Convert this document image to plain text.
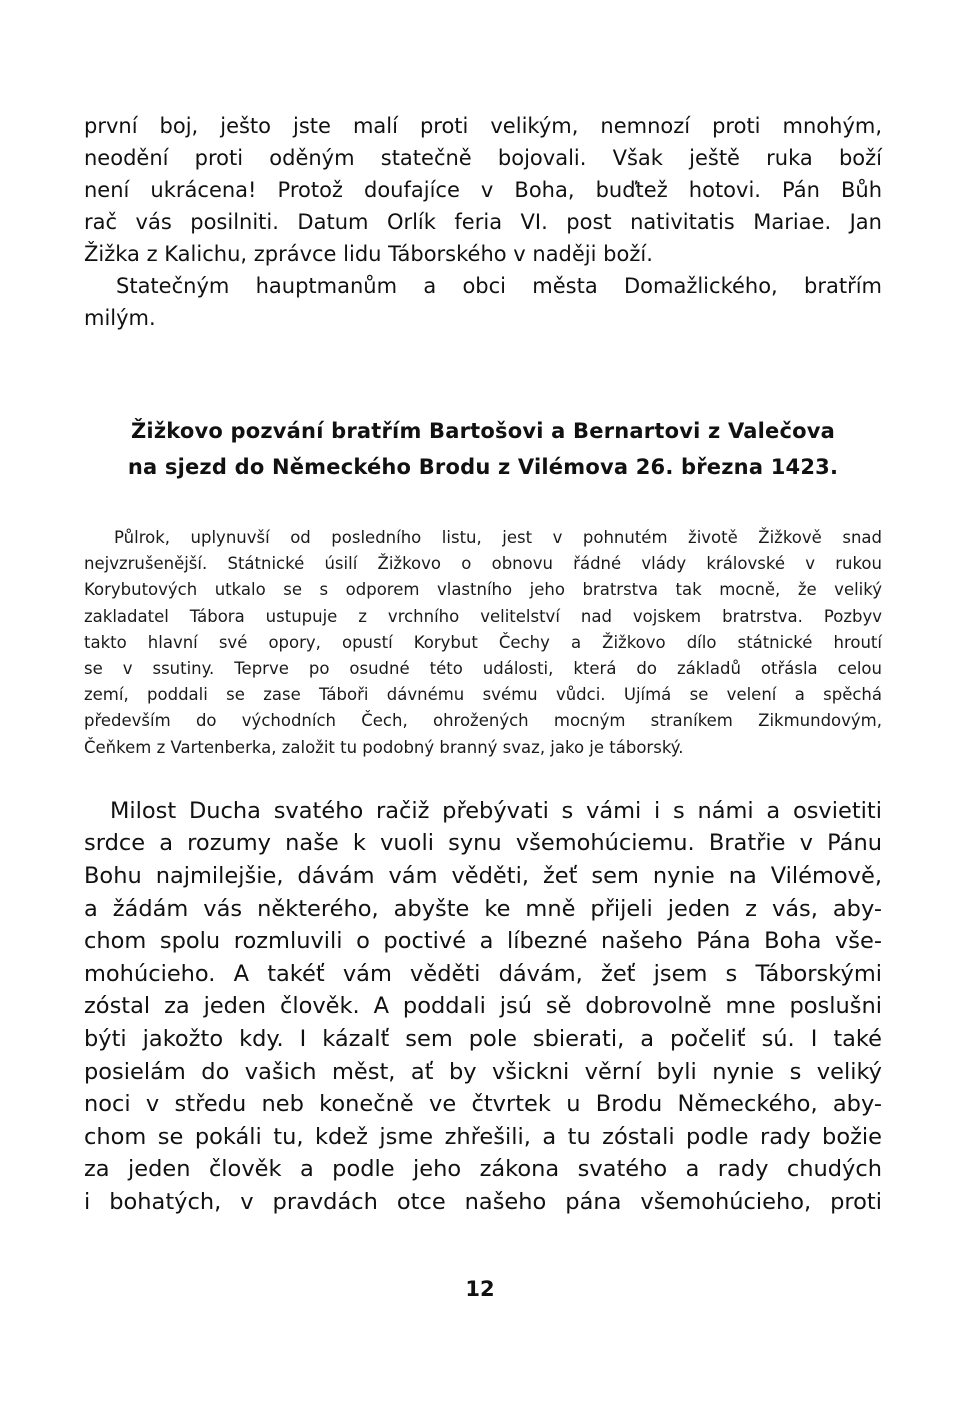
první boj, ješto jste malí proti velikým, nemnozí proti mnohým,
neodění proti oděným statečně bojovali. Však ještě ruka boží
není ukrácena! Protož doufajíce v Boha, buďtež hotovi. Pán Bůh
rač vás posilniti. Datum Orlík feria VI. post nativitatis Mariae. Jan
Žižka z Kalichu, zprávce lidu Táborského v naději boží.
Statečným hauptmanům a obci města Domažlického, bratřím
milým.
Žižkovo pozvání bratřím Bartošovi a Bernartovi z Valečova
na sjezd do Německého Brodu z Vilémova 26. března 1423.
Půlrok, uplynuvší od posledního listu, jest v pohnutém životě Žižkově snad
nejvzrušenější. Státnické úsilí Žižkovo o obnovu řádné vlády královské v rukou
Korybutových utkalo se s odporem vlastního jeho bratrstva tak mocně, že veliký
zakladatel Tábora ustupuje z vrchního velitelství nad vojskem bratrstva. Pozbyv
takto hlavní své opory, opustí Korybut Čechy a Žižkovo dílo státnické hroutí
se v ssutiny. Teprve po osudné této události, která do základů otřásla celou
zemí, poddali se zase Táboři dávnému svému vůdci. Ujímá se velení a spěchá
především do východních Čech, ohrožených mocným straníkem Zikmundovým,
Čeňkem z Vartenberka, založit tu podobný branný svaz, jako je táborský.
Milost Ducha svatého račiž přebývati s vámi i s námi a osvietiti
srdce a rozumy naše k vuoli synu všemohúciemu. Bratřie v Pánu
Bohu najmilejšie, dávám vám věděti, žeť sem nynie na Vilémově,
a žádám vás některého, abyšte ke mně přijeli jeden z vás, aby-
chom spolu rozmluvili o poctivé a líbezné našeho Pána Boha vše-
mohúcieho. A takéť vám věděti dávám, žeť jsem s Táborskými
zóstal za jeden člověk. A poddali jsú sě dobrovolně mne poslušni
býti jakožto kdy. I kázalť sem pole sbierati, a počeliť sú. I také
posielám do vašich měst, ať by všickni věrní byli nynie s veliký
noci v středu neb konečně ve čtvrtek u Brodu Německého, aby-
chom se pokáli tu, kdež jsme zhřešili, a tu zóstali podle rady božie
za jeden člověk a podle jeho zákona svatého a rady chudých
i bohatých, v pravdách otce našeho pána všemohúcieho, proti
12
